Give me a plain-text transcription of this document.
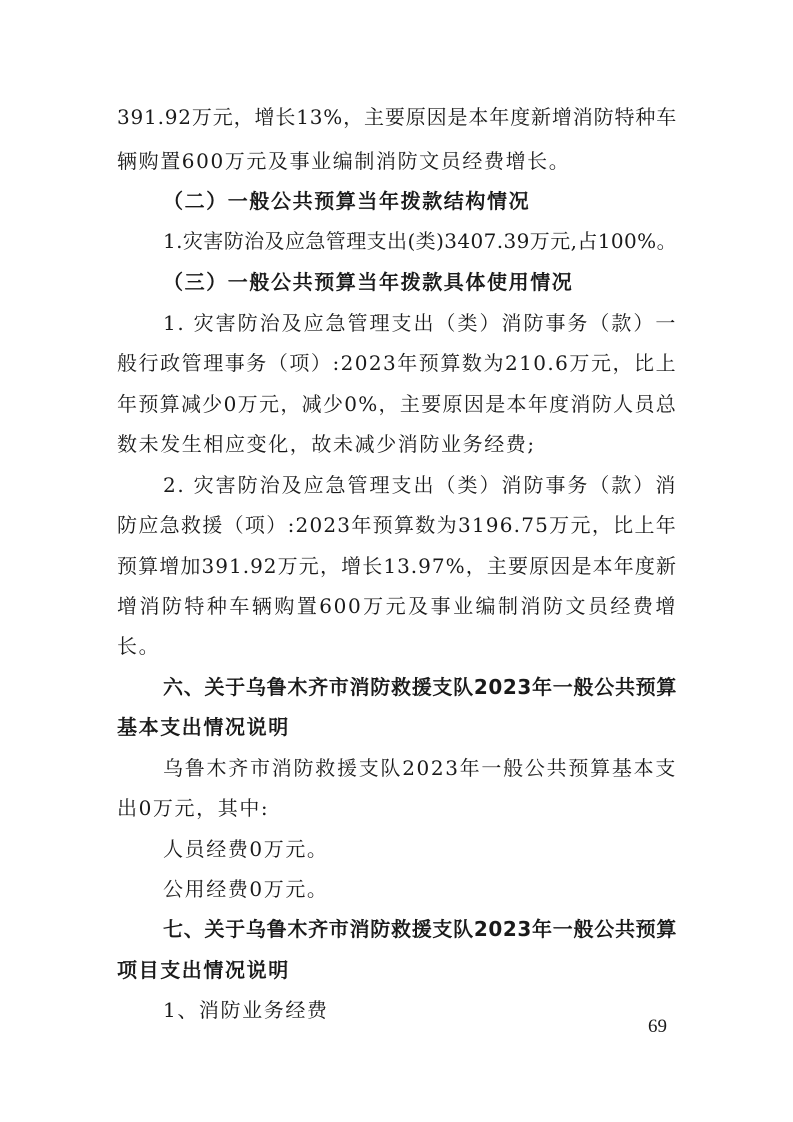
391.92万元，增长13%，主要原因是本年度新增消防特种车
辆购置600万元及事业编制消防文员经费增长。
（二）一般公共预算当年拨款结构情况
1.灾害防治及应急管理支出(类)3407.39万元,占100%。
（三）一般公共预算当年拨款具体使用情况
1. 灾害防治及应急管理支出（类）消防事务（款）一
般行政管理事务（项）:2023年预算数为210.6万元，比上
年预算减少0万元，减少0%，主要原因是本年度消防人员总
数未发生相应变化，故未减少消防业务经费;
2. 灾害防治及应急管理支出（类）消防事务（款）消
防应急救援（项）:2023年预算数为3196.75万元，比上年
预算增加391.92万元，增长13.97%，主要原因是本年度新
增消防特种车辆购置600万元及事业编制消防文员经费增
长。
六、关于乌鲁木齐市消防救援支队2023年一般公共预算
基本支出情况说明
乌鲁木齐市消防救援支队2023年一般公共预算基本支
出0万元，其中:
人员经费0万元。
公用经费0万元。
七、关于乌鲁木齐市消防救援支队2023年一般公共预算
项目支出情况说明
1、消防业务经费
69
